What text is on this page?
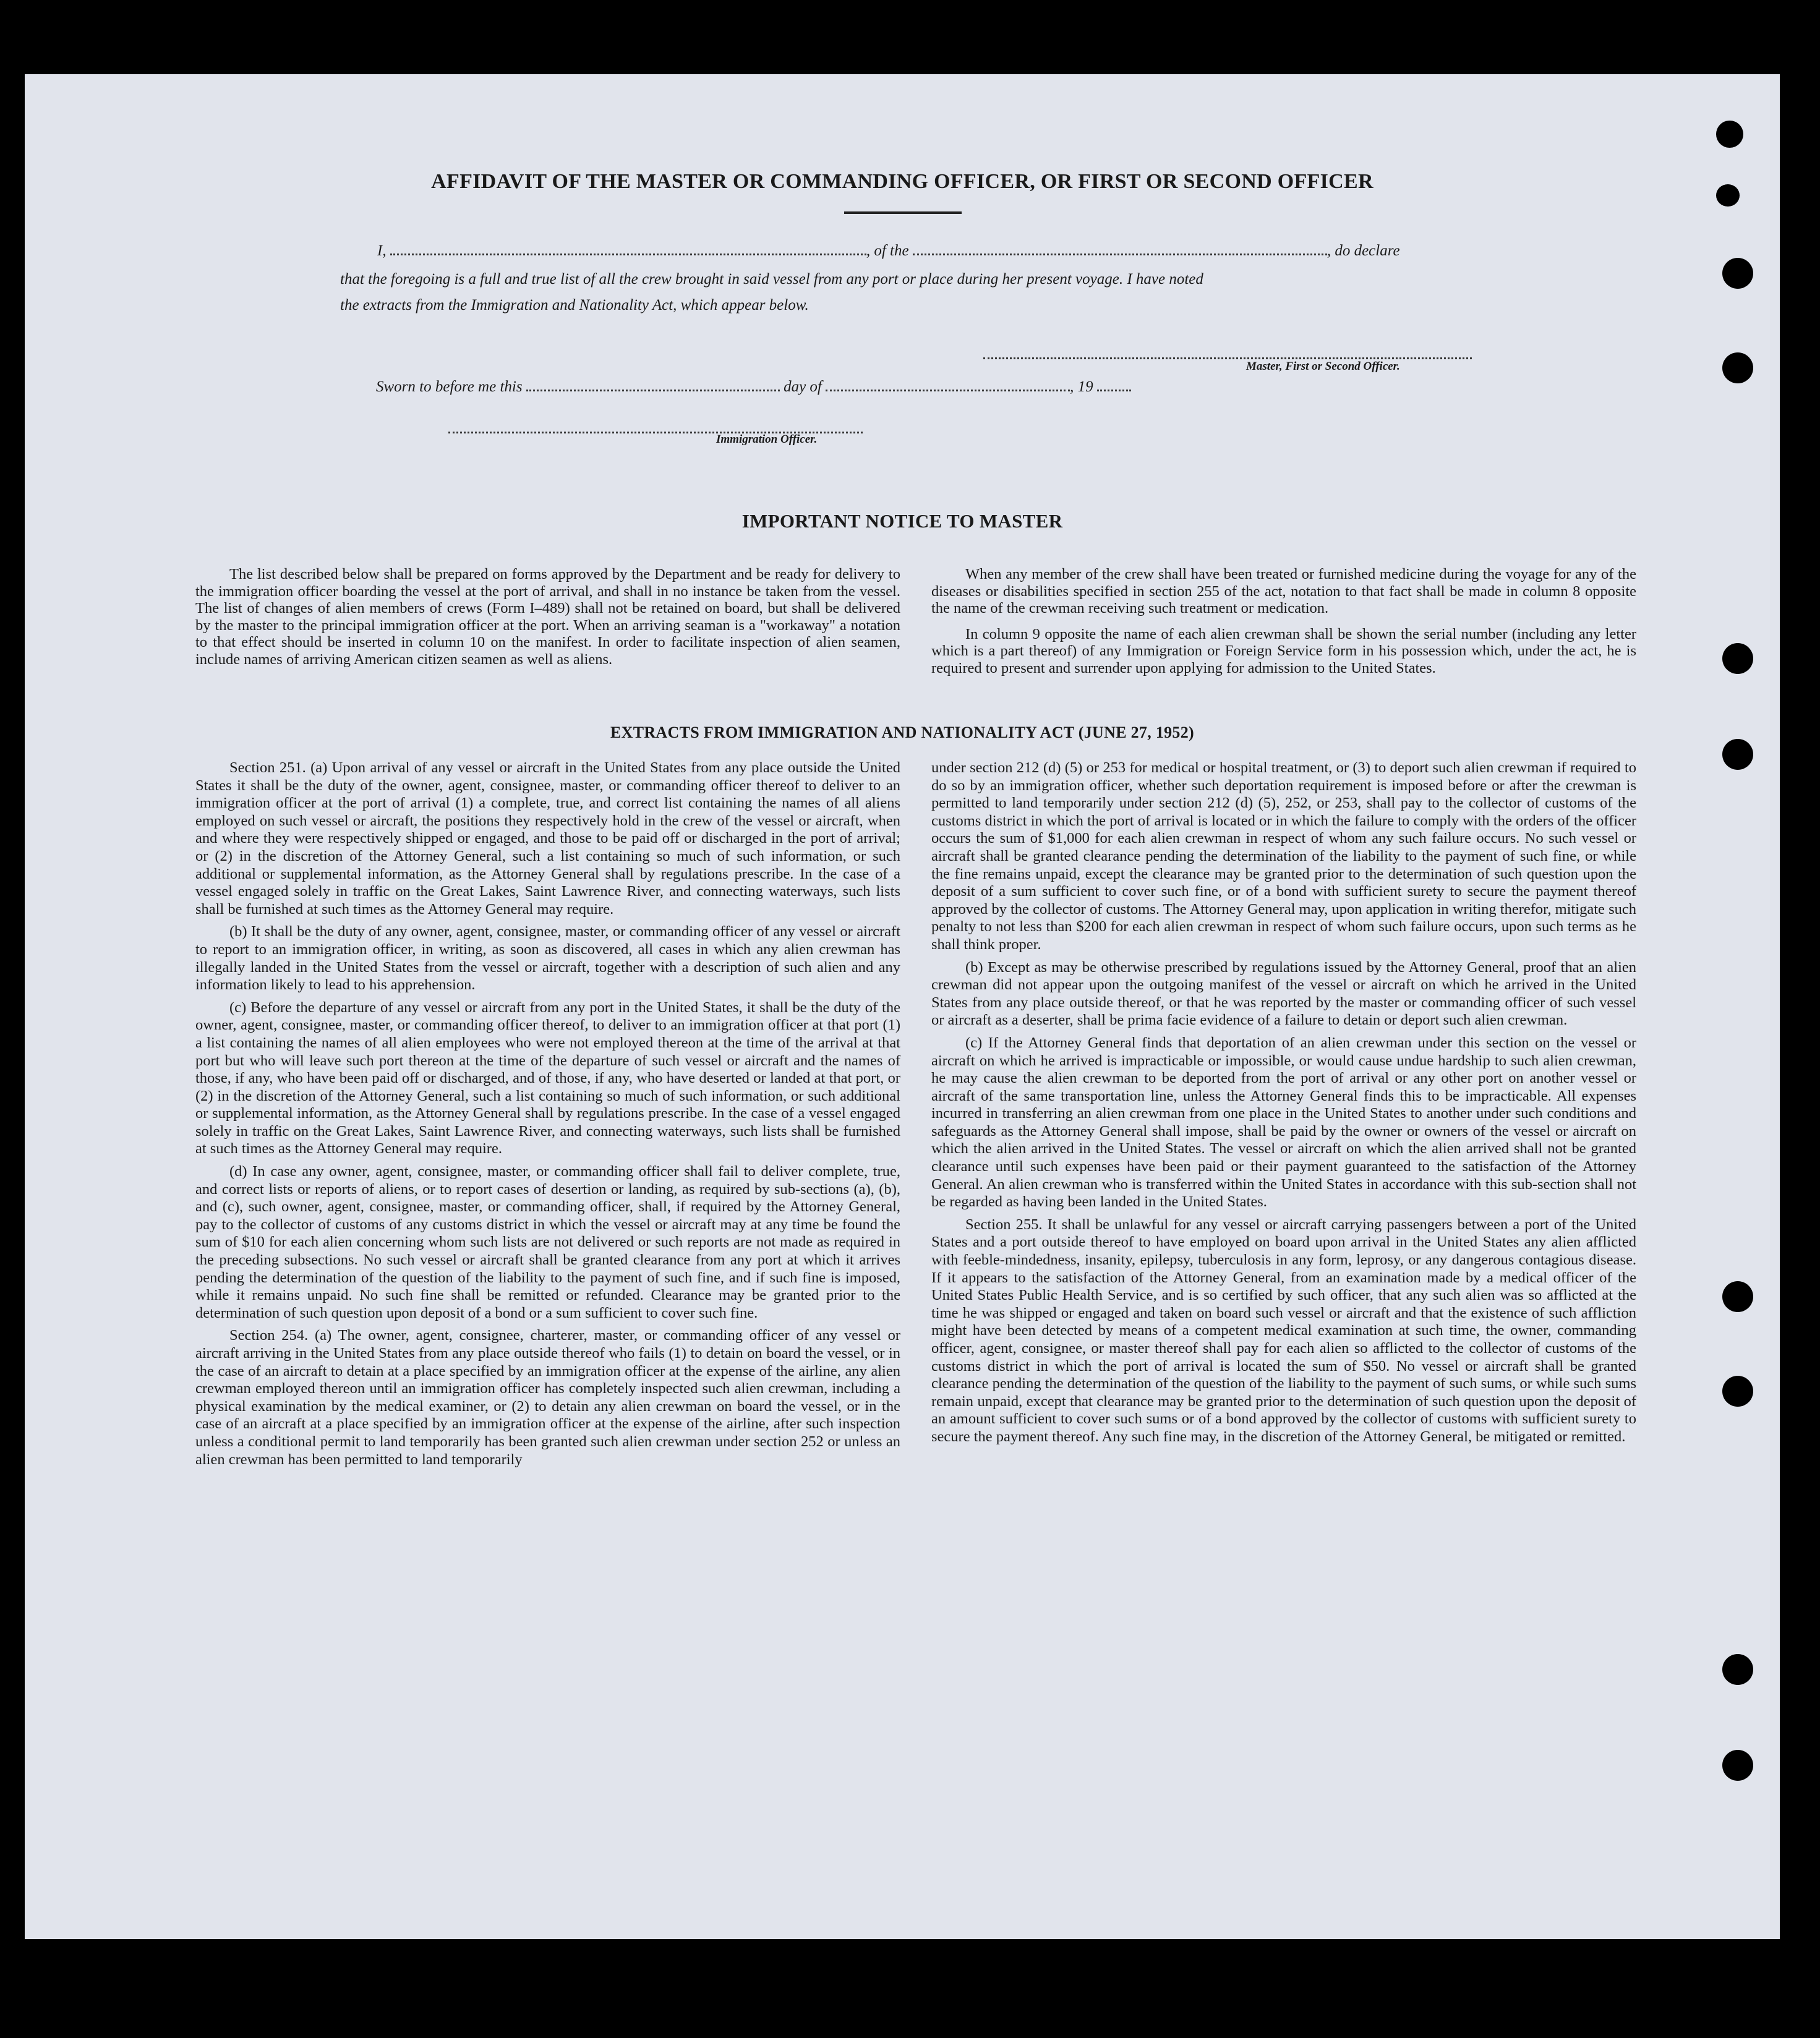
AFFIDAVIT OF THE MASTER OR COMMANDING OFFICER, OR FIRST OR SECOND OFFICER
I,	, of the	, do declare
that the foregoing is a full and true list of all the crew brought in said vessel from any port or place during her present voyage. I have noted
the extracts from the Immigration and Nationality Act, which appear below.
Master, First or Second Officer.
Sworn to before me this	day of	, 19
Immigration Officer.
IMPORTANT NOTICE TO MASTER

The list described below shall be prepared on forms approved by the Department and be ready for delivery to the immigration officer boarding the vessel at the port of arrival, and shall in no instance be taken from the vessel. The list of changes of alien members of crews (Form I–489) shall not be retained on board, but shall be delivered by the master to the principal immigration officer at the port. When an arriving seaman is a "workaway" a notation to that effect should be inserted in column 10 on the manifest. In order to facilitate inspection of alien seamen, include names of arriving American citizen seamen as well as aliens.

When any member of the crew shall have been treated or furnished medicine during the voyage for any of the diseases or disabilities specified in section 255 of the act, notation to that fact shall be made in column 8 opposite the name of the crewman receiving such treatment or medication.

In column 9 opposite the name of each alien crewman shall be shown the serial number (including any letter which is a part thereof) of any Immigration or Foreign Service form in his possession which, under the act, he is required to present and surrender upon applying for admission to the United States.

EXTRACTS FROM IMMIGRATION AND NATIONALITY ACT (JUNE 27, 1952)

Section 251. (a) Upon arrival of any vessel or aircraft in the United States from any place outside the United States it shall be the duty of the owner, agent, consignee, master, or commanding officer thereof to deliver to an immigration officer at the port of arrival (1) a complete, true, and correct list containing the names of all aliens employed on such vessel or aircraft, the positions they respectively hold in the crew of the vessel or aircraft, when and where they were respectively shipped or engaged, and those to be paid off or discharged in the port of arrival; or (2) in the discretion of the Attorney General, such a list containing so much of such information, or such additional or supplemental information, as the Attorney General shall by regulations prescribe. In the case of a vessel engaged solely in traffic on the Great Lakes, Saint Lawrence River, and connecting waterways, such lists shall be furnished at such times as the Attorney General may require.

(b) It shall be the duty of any owner, agent, consignee, master, or commanding officer of any vessel or aircraft to report to an immigration officer, in writing, as soon as discovered, all cases in which any alien crewman has illegally landed in the United States from the vessel or aircraft, together with a description of such alien and any information likely to lead to his apprehension.

(c) Before the departure of any vessel or aircraft from any port in the United States, it shall be the duty of the owner, agent, consignee, master, or commanding officer thereof, to deliver to an immigration officer at that port (1) a list containing the names of all alien employees who were not employed thereon at the time of the arrival at that port but who will leave such port thereon at the time of the departure of such vessel or aircraft and the names of those, if any, who have been paid off or discharged, and of those, if any, who have deserted or landed at that port, or (2) in the discretion of the Attorney General, such a list containing so much of such information, or such additional or supplemental information, as the Attorney General shall by regulations prescribe. In the case of a vessel engaged solely in traffic on the Great Lakes, Saint Lawrence River, and connecting waterways, such lists shall be furnished at such times as the Attorney General may require.

(d) In case any owner, agent, consignee, master, or commanding officer shall fail to deliver complete, true, and correct lists or reports of aliens, or to report cases of desertion or landing, as required by sub-sections (a), (b), and (c), such owner, agent, consignee, master, or commanding officer, shall, if required by the Attorney General, pay to the collector of customs of any customs district in which the vessel or aircraft may at any time be found the sum of $10 for each alien concerning whom such lists are not delivered or such reports are not made as required in the preceding subsections. No such vessel or aircraft shall be granted clearance from any port at which it arrives pending the determination of the question of the liability to the payment of such fine, and if such fine is imposed, while it remains unpaid. No such fine shall be remitted or refunded. Clearance may be granted prior to the determination of such question upon deposit of a bond or a sum sufficient to cover such fine.

Section 254. (a) The owner, agent, consignee, charterer, master, or commanding officer of any vessel or aircraft arriving in the United States from any place outside thereof who fails (1) to detain on board the vessel, or in the case of an aircraft to detain at a place specified by an immigration officer at the expense of the airline, any alien crewman employed thereon until an immigration officer has completely inspected such alien crewman, including a physical examination by the medical examiner, or (2) to detain any alien crewman on board the vessel, or in the case of an aircraft at a place specified by an immigration officer at the expense of the airline, after such inspection unless a conditional permit to land temporarily has been granted such alien crewman under section 252 or unless an alien crewman has been permitted to land temporarily

under section 212 (d) (5) or 253 for medical or hospital treatment, or (3) to deport such alien crewman if required to do so by an immigration officer, whether such deportation requirement is imposed before or after the crewman is permitted to land temporarily under section 212 (d) (5), 252, or 253, shall pay to the collector of customs of the customs district in which the port of arrival is located or in which the failure to comply with the orders of the officer occurs the sum of $1,000 for each alien crewman in respect of whom any such failure occurs. No such vessel or aircraft shall be granted clearance pending the determination of the liability to the payment of such fine, or while the fine remains unpaid, except the clearance may be granted prior to the determination of such question upon the deposit of a sum sufficient to cover such fine, or of a bond with sufficient surety to secure the payment thereof approved by the collector of customs. The Attorney General may, upon application in writing therefor, mitigate such penalty to not less than $200 for each alien crewman in respect of whom such failure occurs, upon such terms as he shall think proper.

(b) Except as may be otherwise prescribed by regulations issued by the Attorney General, proof that an alien crewman did not appear upon the outgoing manifest of the vessel or aircraft on which he arrived in the United States from any place outside thereof, or that he was reported by the master or commanding officer of such vessel or aircraft as a deserter, shall be prima facie evidence of a failure to detain or deport such alien crewman.

(c) If the Attorney General finds that deportation of an alien crewman under this section on the vessel or aircraft on which he arrived is impracticable or impossible, or would cause undue hardship to such alien crewman, he may cause the alien crewman to be deported from the port of arrival or any other port on another vessel or aircraft of the same transportation line, unless the Attorney General finds this to be impracticable. All expenses incurred in transferring an alien crewman from one place in the United States to another under such conditions and safeguards as the Attorney General shall impose, shall be paid by the owner or owners of the vessel or aircraft on which the alien arrived in the United States. The vessel or aircraft on which the alien arrived shall not be granted clearance until such expenses have been paid or their payment guaranteed to the satisfaction of the Attorney General. An alien crewman who is transferred within the United States in accordance with this sub-section shall not be regarded as having been landed in the United States.

Section 255. It shall be unlawful for any vessel or aircraft carrying passengers between a port of the United States and a port outside thereof to have employed on board upon arrival in the United States any alien afflicted with feeble-mindedness, insanity, epilepsy, tuberculosis in any form, leprosy, or any dangerous contagious disease. If it appears to the satisfaction of the Attorney General, from an examination made by a medical officer of the United States Public Health Service, and is so certified by such officer, that any such alien was so afflicted at the time he was shipped or engaged and taken on board such vessel or aircraft and that the existence of such affliction might have been detected by means of a competent medical examination at such time, the owner, commanding officer, agent, consignee, or master thereof shall pay for each alien so afflicted to the collector of customs of the customs district in which the port of arrival is located the sum of $50. No vessel or aircraft shall be granted clearance pending the determination of the question of the liability to the payment of such sums, or while such sums remain unpaid, except that clearance may be granted prior to the determination of such question upon the deposit of an amount sufficient to cover such sums or of a bond approved by the collector of customs with sufficient surety to secure the payment thereof. Any such fine may, in the discretion of the Attorney General, be mitigated or remitted.
